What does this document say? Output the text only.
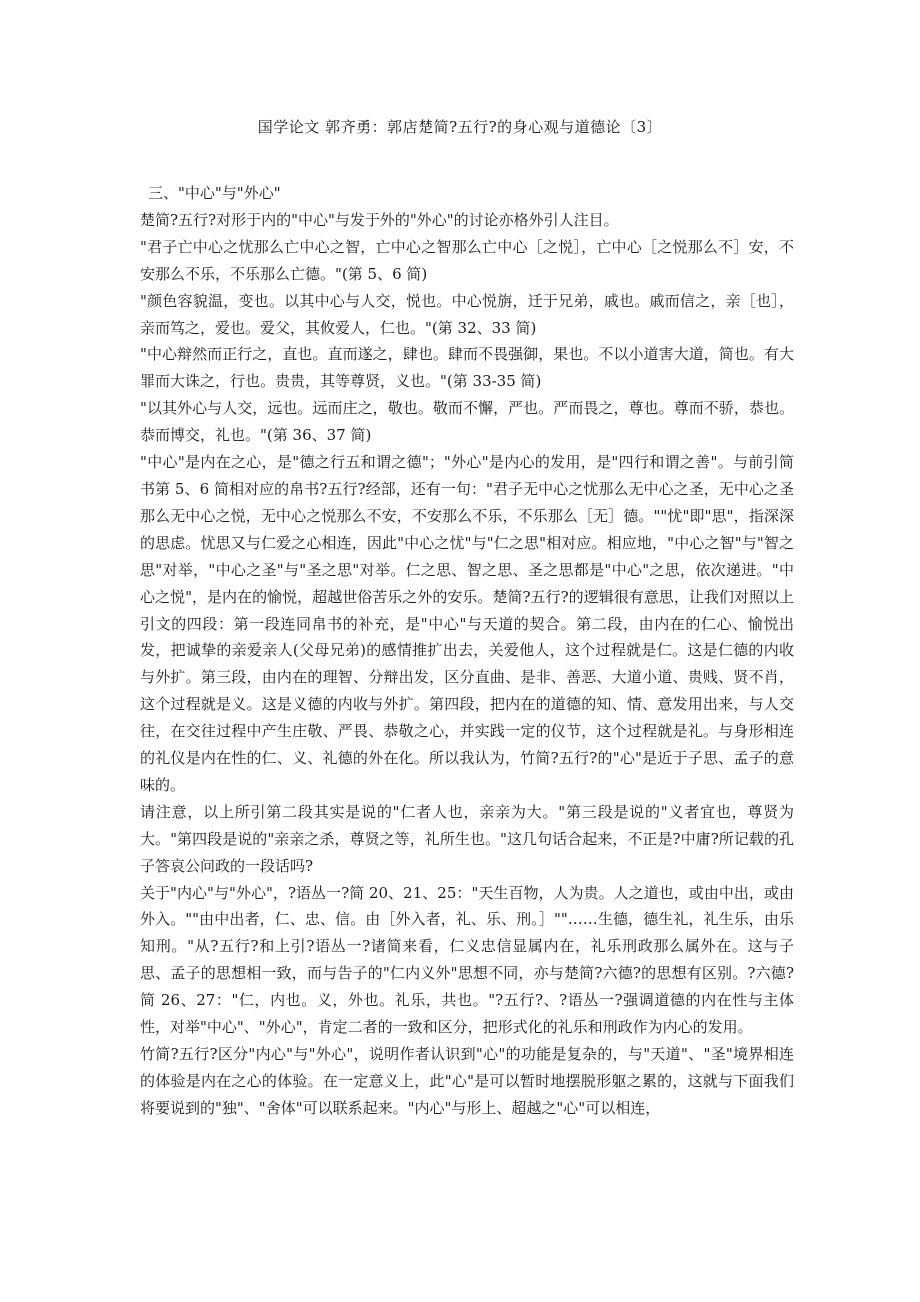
国学论文 郭齐勇：郭店楚简?五行?的身心观与道德论〔3〕

三、"中心"与"外心"

楚简?五行?对形于内的"中心"与发于外的"外心"的讨论亦格外引人注目。

"君子亡中心之忧那么亡中心之智，亡中心之智那么亡中心［之悦］，亡中心［之悦那么不］安，不安那么不乐，不乐那么亡德。"(第 5、6 简)

"颜色容貌温，变也。以其中心与人交，悦也。中心悦旃，迁于兄弟，戚也。戚而信之，亲［也］，亲而笃之，爱也。爱父，其攸爱人，仁也。"(第 32、33 简)

"中心辩然而正行之，直也。直而遂之，肆也。肆而不畏强御，果也。不以小道害大道，简也。有大罪而大诛之，行也。贵贵，其等尊贤，义也。"(第 33-35 简)

"以其外心与人交，远也。远而庄之，敬也。敬而不懈，严也。严而畏之，尊也。尊而不骄，恭也。恭而博交，礼也。"(第 36、37 简)

"中心"是内在之心，是"德之行五和谓之德"；"外心"是内心的发用，是"四行和谓之善"。与前引简书第 5、6 简相对应的帛书?五行?经部，还有一句："君子无中心之忧那么无中心之圣，无中心之圣那么无中心之悦，无中心之悦那么不安，不安那么不乐，不乐那么［无］德。""忧"即"思"，指深深的思虑。忧思又与仁爱之心相连，因此"中心之忧"与"仁之思"相对应。相应地，"中心之智"与"智之思"对举，"中心之圣"与"圣之思"对举。仁之思、智之思、圣之思都是"中心"之思，依次递进。"中心之悦"，是内在的愉悦，超越世俗苦乐之外的安乐。楚简?五行?的逻辑很有意思，让我们对照以上引文的四段：第一段连同帛书的补充，是"中心"与天道的契合。第二段，由内在的仁心、愉悦出发，把诚挚的亲爱亲人(父母兄弟)的感情推扩出去，关爱他人，这个过程就是仁。这是仁德的内收与外扩。第三段，由内在的理智、分辩出发，区分直曲、是非、善恶、大道小道、贵贱、贤不肖，这个过程就是义。这是义德的内收与外扩。第四段，把内在的道德的知、情、意发用出来，与人交往，在交往过程中产生庄敬、严畏、恭敬之心，并实践一定的仪节，这个过程就是礼。与身形相连的礼仪是内在性的仁、义、礼德的外在化。所以我认为，竹简?五行?的"心"是近于子思、孟子的意味的。

请注意，以上所引第二段其实是说的"仁者人也，亲亲为大。"第三段是说的"义者宜也，尊贤为大。"第四段是说的"亲亲之杀，尊贤之等，礼所生也。"这几句话合起来，不正是?中庸?所记载的孔子答哀公问政的一段话吗?

关于"内心"与"外心"，?语丛一?简 20、21、25："天生百物，人为贵。人之道也，或由中出，或由外入。""由中出者，仁、忠、信。由［外入者，礼、乐、刑。］""……生德，德生礼，礼生乐，由乐知刑。"从?五行?和上引?语丛一?诸简来看，仁义忠信显属内在，礼乐刑政那么属外在。这与子思、孟子的思想相一致，而与告子的"仁内义外"思想不同，亦与楚简?六德?的思想有区别。?六德?简 26、27："仁，内也。义，外也。礼乐，共也。"?五行?、?语丛一?强调道德的内在性与主体性，对举"中心"、"外心"，肯定二者的一致和区分，把形式化的礼乐和刑政作为内心的发用。

竹简?五行?区分"内心"与"外心"，说明作者认识到"心"的功能是复杂的，与"天道"、"圣"境界相连的体验是内在之心的体验。在一定意义上，此"心"是可以暂时地摆脱形躯之累的，这就与下面我们将要说到的"独"、"舍体"可以联系起来。"内心"与形上、超越之"心"可以相连，
